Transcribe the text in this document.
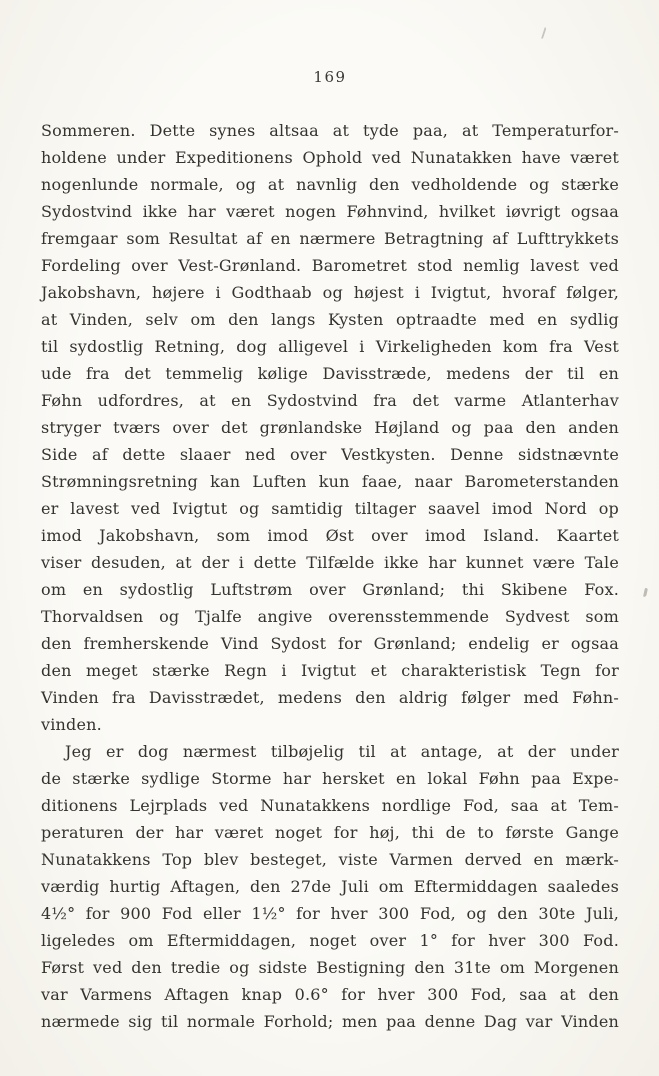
169
Sommeren. Dette synes altsaa at tyde paa, at Temperaturfor-
holdene under Expeditionens Ophold ved Nunatakken have været
nogenlunde normale, og at navnlig den vedholdende og stærke
Sydostvind ikke har været nogen Føhnvind, hvilket iøvrigt ogsaa
fremgaar som Resultat af en nærmere Betragtning af Lufttrykkets
Fordeling over Vest-Grønland. Barometret stod nemlig lavest ved
Jakobshavn, højere i Godthaab og højest i Ivigtut, hvoraf følger,
at Vinden, selv om den langs Kysten optraadte med en sydlig
til sydostlig Retning, dog alligevel i Virkeligheden kom fra Vest
ude fra det temmelig kølige Davisstræde, medens der til en
Føhn udfordres, at en Sydostvind fra det varme Atlanterhav
stryger tværs over det grønlandske Højland og paa den anden
Side af dette slaaer ned over Vestkysten. Denne sidstnævnte
Strømningsretning kan Luften kun faae, naar Barometerstanden
er lavest ved Ivigtut og samtidig tiltager saavel imod Nord op
imod Jakobshavn, som imod Øst over imod Island. Kaartet
viser desuden, at der i dette Tilfælde ikke har kunnet være Tale
om en sydostlig Luftstrøm over Grønland; thi Skibene Fox.
Thorvaldsen og Tjalfe angive overensstemmende Sydvest som
den fremherskende Vind Sydost for Grønland; endelig er ogsaa
den meget stærke Regn i Ivigtut et charakteristisk Tegn for
Vinden fra Davisstrædet, medens den aldrig følger med Føhn-
vinden.
Jeg er dog nærmest tilbøjelig til at antage, at der under
de stærke sydlige Storme har hersket en lokal Føhn paa Expe-
ditionens Lejrplads ved Nunatakkens nordlige Fod, saa at Tem-
peraturen der har været noget for høj, thi de to første Gange
Nunatakkens Top blev besteget, viste Varmen derved en mærk-
værdig hurtig Aftagen, den 27de Juli om Eftermiddagen saaledes
4½° for 900 Fod eller 1½° for hver 300 Fod, og den 30te Juli,
ligeledes om Eftermiddagen, noget over 1° for hver 300 Fod.
Først ved den tredie og sidste Bestigning den 31te om Morgenen
var Varmens Aftagen knap 0.6° for hver 300 Fod, saa at den
nærmede sig til normale Forhold; men paa denne Dag var Vinden
